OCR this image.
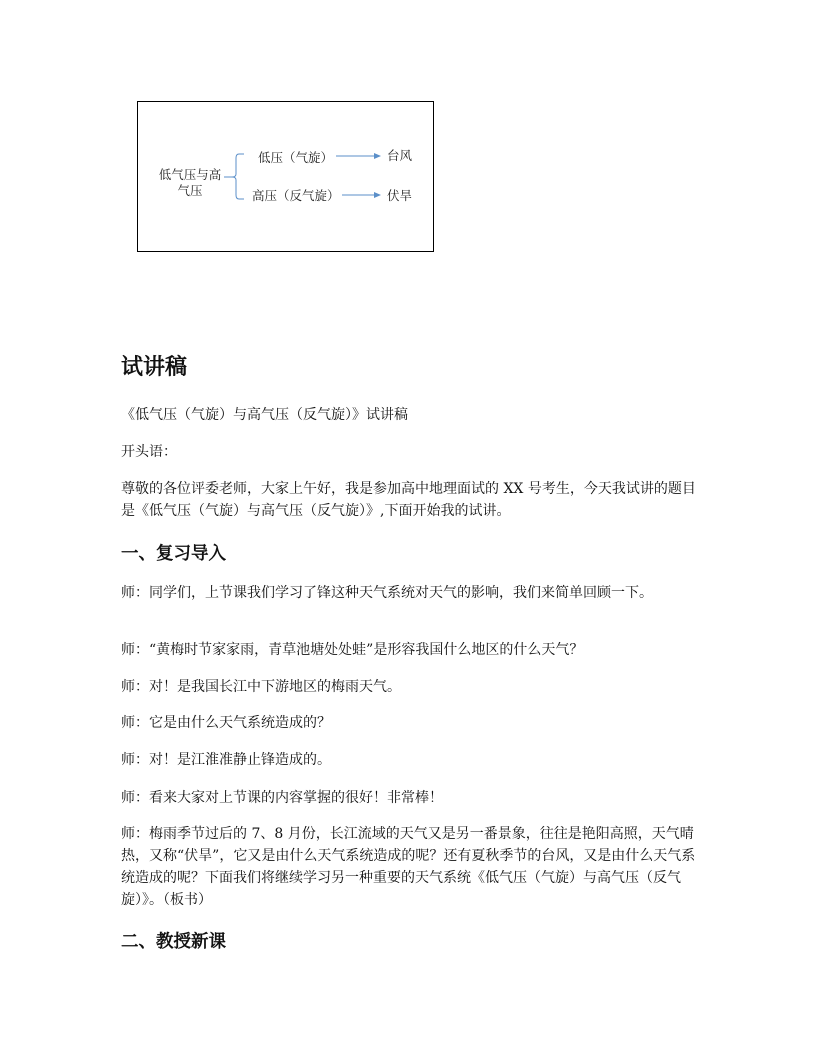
低气压与高气压
低压（气旋）	台风
高压（反气旋）	伏旱
试讲稿

《低气压（气旋）与高气压（反气旋）》试讲稿

开头语：

尊敬的各位评委老师，大家上午好，我是参加高中地理面试的 XX 号考生，今天我试讲的题目是《低气压（气旋）与高气压（反气旋）》,下面开始我的试讲。

一、复习导入

师：同学们，上节课我们学习了锋这种天气系统对天气的影响，我们来简单回顾一下。

师：“黄梅时节家家雨，青草池塘处处蛙”是形容我国什么地区的什么天气？

师：对！是我国长江中下游地区的梅雨天气。

师：它是由什么天气系统造成的？

师：对！是江淮准静止锋造成的。

师：看来大家对上节课的内容掌握的很好！非常棒！

师：梅雨季节过后的 7、8 月份，长江流域的天气又是另一番景象，往往是艳阳高照，天气晴热，又称“伏旱”，它又是由什么天气系统造成的呢？还有夏秋季节的台风，又是由什么天气系统造成的呢？下面我们将继续学习另一种重要的天气系统《低气压（气旋）与高气压（反气旋）》。（板书）

二、教授新课
